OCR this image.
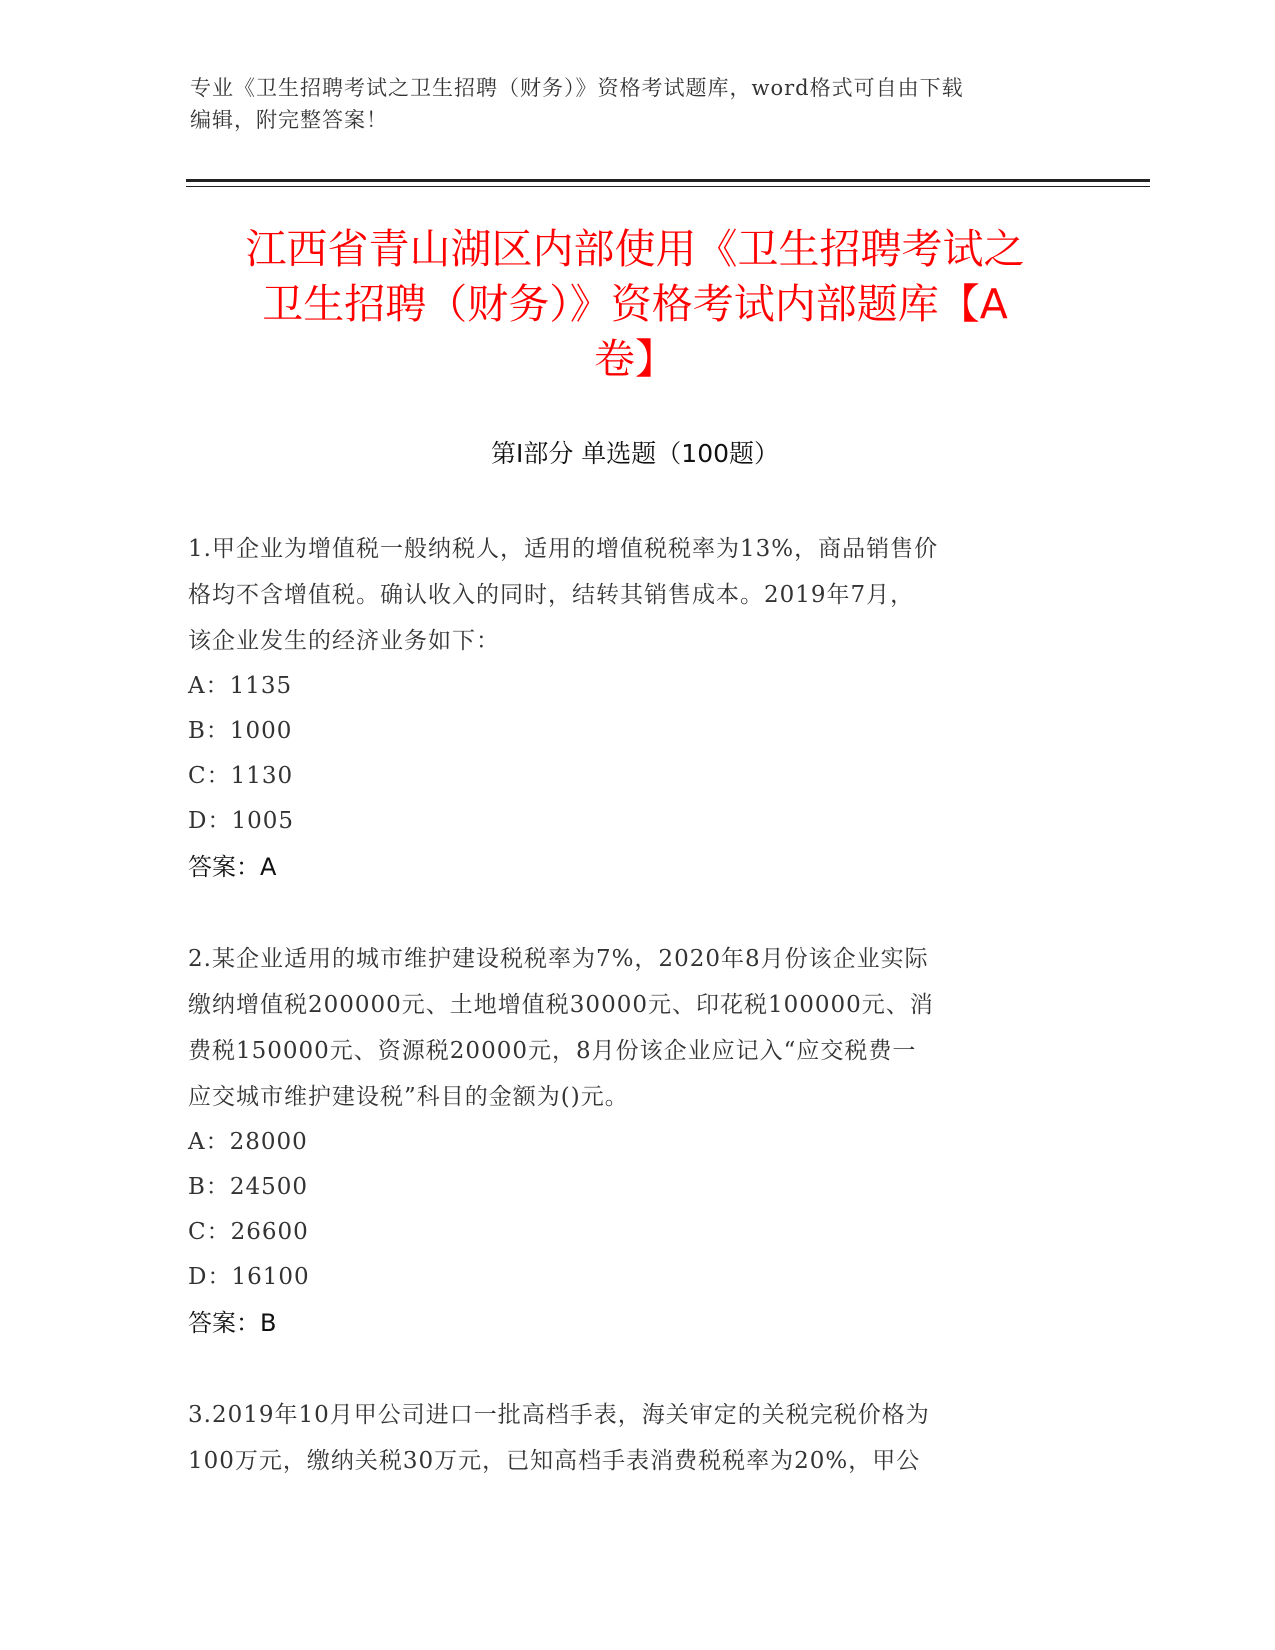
专业《卫生招聘考试之卫生招聘（财务）》资格考试题库，word格式可自由下载
编辑，附完整答案！
江西省青山湖区内部使用《卫生招聘考试之
卫生招聘（财务）》资格考试内部题库【A
卷】
第Ⅰ部分 单选题（100题）

1.甲企业为增值税一般纳税人，适用的增值税税率为13%，商品销售价

格均不含增值税。确认收入的同时，结转其销售成本。2019年7月，

该企业发生的经济业务如下：

A：1135

B：1000

C：1130

D：1005

答案：A

2.某企业适用的城市维护建设税税率为7%，2020年8月份该企业实际

缴纳增值税200000元、土地增值税30000元、印花税100000元、消

费税150000元、资源税20000元，8月份该企业应记入“应交税费一

应交城市维护建设税”科目的金额为()元。

A：28000

B：24500

C：26600

D：16100

答案：B

3.2019年10月甲公司进口一批高档手表，海关审定的关税完税价格为

100万元，缴纳关税30万元，已知高档手表消费税税率为20%，甲公
